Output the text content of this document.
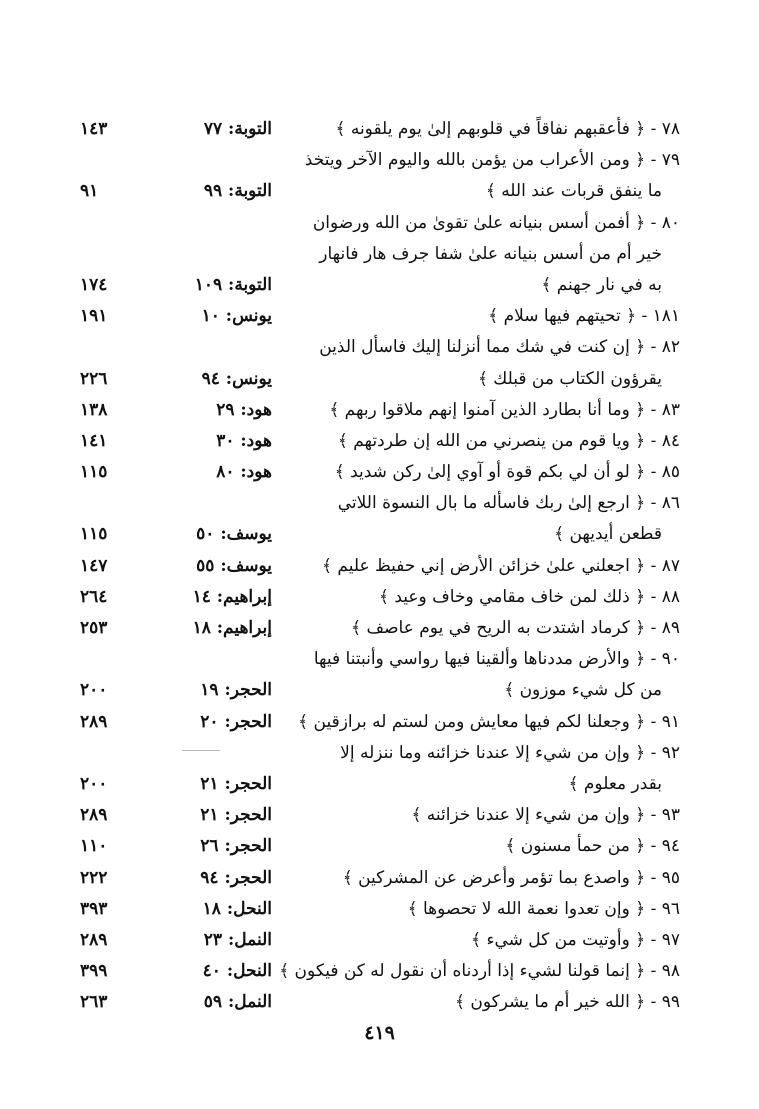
٧٨ - ﴿ فأعقبهم نفاقاً في قلوبهم إلىٰ يوم يلقونه ﴾
التوبة: ٧٧
١٤٣
٧٩ - ﴿ ومن الأعراب من يؤمن بالله واليوم الآخر ويتخذ
ما ينفق قربات عند الله ﴾
التوبة: ٩٩
٩١
٨٠ - ﴿ أفمن أسس بنيانه علىٰ تقوىٰ من الله ورضوان
خير أم من أسس بنيانه علىٰ شفا جرف هار فانهار
به في نار جهنم ﴾
التوبة: ١٠٩
١٧٤
١٨١ - ﴿ تحيتهم فيها سلام ﴾
يونس: ١٠
١٩١
٨٢ - ﴿ إن كنت في شك مما أنزلنا إليك فاسأل الذين
يقرؤون الكتاب من قبلك ﴾
يونس: ٩٤
٢٢٦
٨٣ - ﴿ وما أنا بطارد الذين آمنوا إنهم ملاقوا ربهم ﴾
هود: ٢٩
١٣٨
٨٤ - ﴿ ويا قوم من ينصرني من الله إن طردتهم ﴾
هود: ٣٠
١٤١
٨٥ - ﴿ لو أن لي بكم قوة أو آوي إلىٰ ركن شديد ﴾
هود: ٨٠
١١٥
٨٦ - ﴿ ارجع إلىٰ ربك فاسأله ما بال النسوة اللاتي
قطعن أيديهن ﴾
يوسف: ٥٠
١١٥
٨٧ - ﴿ اجعلني علىٰ خزائن الأرض إني حفيظ عليم ﴾
يوسف: ٥٥
١٤٧
٨٨ - ﴿ ذلك لمن خاف مقامي وخاف وعيد ﴾
إبراهيم: ١٤
٢٦٤
٨٩ - ﴿ كرماد اشتدت به الريح في يوم عاصف ﴾
إبراهيم: ١٨
٢٥٣
٩٠ - ﴿ والأرض مددناها وألقينا فيها رواسي وأنبتنا فيها
من كل شيء موزون ﴾
الحجر: ١٩
٢٠٠
٩١ - ﴿ وجعلنا لكم فيها معايش ومن لستم له برازقين ﴾
الحجر: ٢٠
٢٨٩
٩٢ - ﴿ وإن من شيء إلا عندنا خزائنه وما ننزله إلا
بقدر معلوم ﴾
الحجر: ٢١
٢٠٠
٩٣ - ﴿ وإن من شيء إلا عندنا خزائنه ﴾
الحجر: ٢١
٢٨٩
٩٤ - ﴿ من حمأ مسنون ﴾
الحجر: ٢٦
١١٠
٩٥ - ﴿ واصدع بما تؤمر وأعرض عن المشركين ﴾
الحجر: ٩٤
٢٢٢
٩٦ - ﴿ وإن تعدوا نعمة الله لا تحصوها ﴾
النحل: ١٨
٣٩٣
٩٧ - ﴿ وأوتيت من كل شيء ﴾
النمل: ٢٣
٢٨٩
٩٨ - ﴿ إنما قولنا لشيء إذا أردناه أن نقول له كن فيكون ﴾
النحل: ٤٠
٣٩٩
٩٩ - ﴿ الله خير أم ما يشركون ﴾
النمل: ٥٩
٢٦٣
٤١٩
